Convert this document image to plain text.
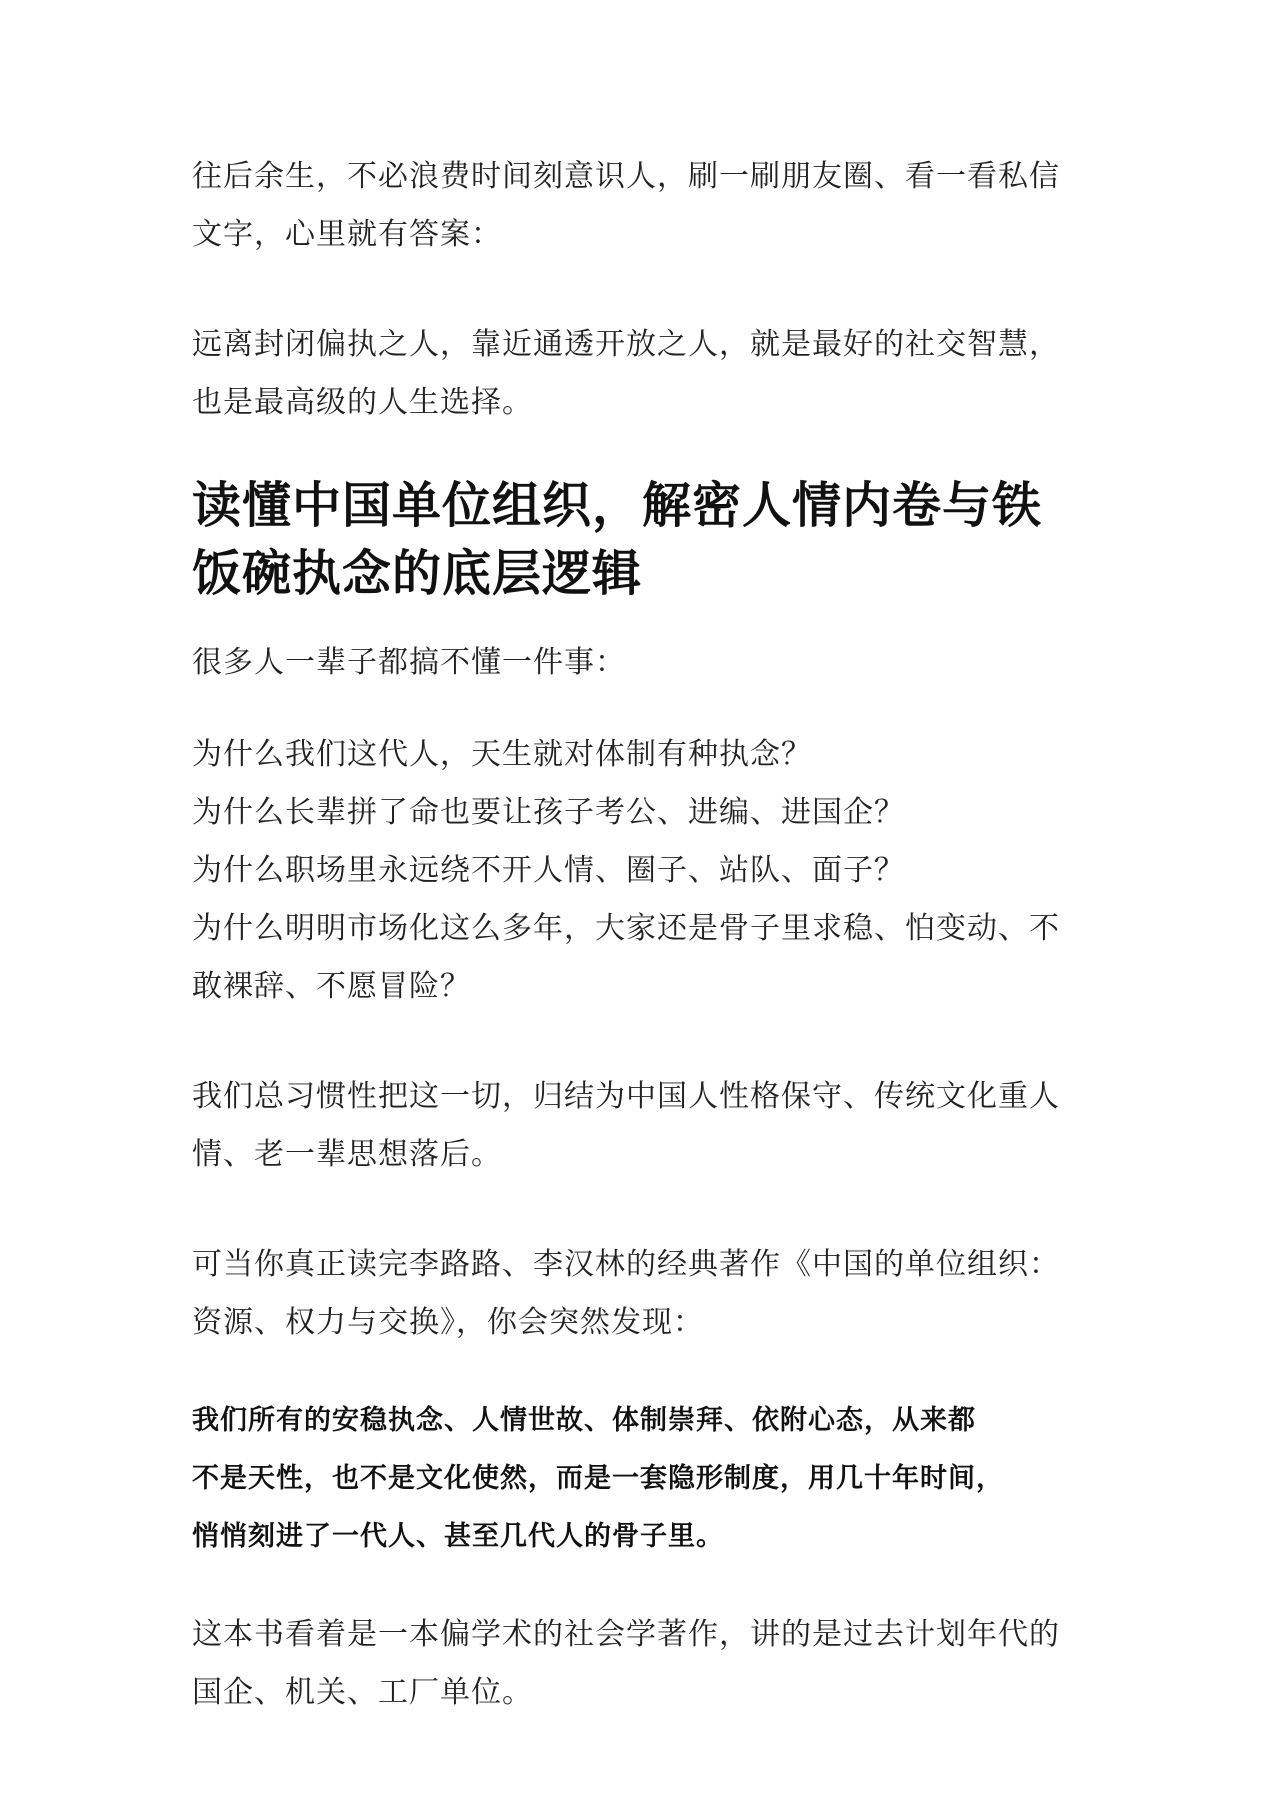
往后余生，不必浪费时间刻意识人，刷一刷朋友圈、看一看私信
文字，心里就有答案：

远离封闭偏执之人，靠近通透开放之人，就是最好的社交智慧，
也是最高级的人生选择。

读懂中国单位组织，解密人情内卷与铁
饭碗执念的底层逻辑

很多人一辈子都搞不懂一件事：

为什么我们这代人，天生就对体制有种执念？
为什么长辈拼了命也要让孩子考公、进编、进国企？
为什么职场里永远绕不开人情、圈子、站队、面子？
为什么明明市场化这么多年，大家还是骨子里求稳、怕变动、不
敢裸辞、不愿冒险？

我们总习惯性把这一切，归结为中国人性格保守、传统文化重人
情、老一辈思想落后。

可当你真正读完李路路、李汉林的经典著作《中国的单位组织：
资源、权力与交换》，你会突然发现：

我们所有的安稳执念、人情世故、体制崇拜、依附心态，从来都
不是天性，也不是文化使然，而是一套隐形制度，用几十年时间，
悄悄刻进了一代人、甚至几代人的骨子里。

这本书看着是一本偏学术的社会学著作，讲的是过去计划年代的
国企、机关、工厂单位。
